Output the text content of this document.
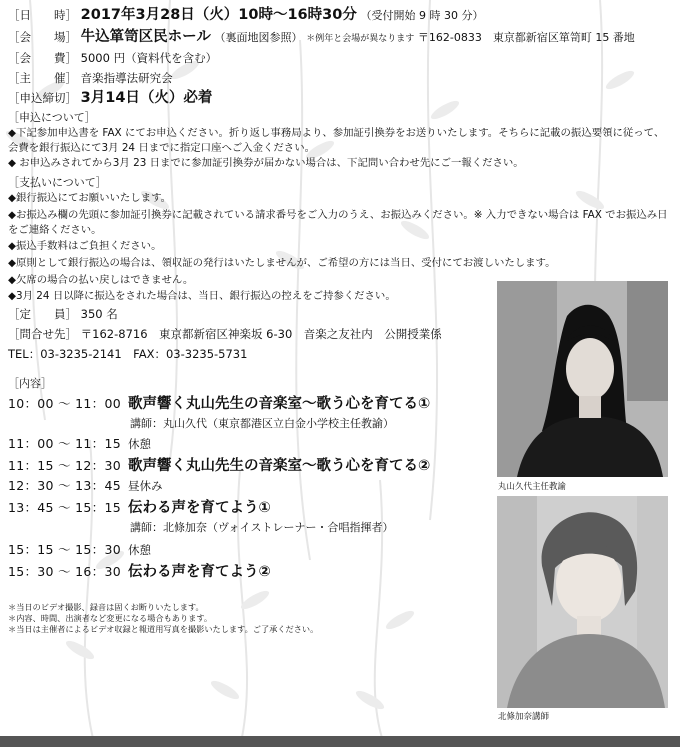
［日　　時］ 2017年3月28日（火）10時〜16時30分 （受付開始 9 時 30 分）
［会　　場］ 牛込箪笥区民ホール （裏面地図参照） ＊例年と会場が異なります 〒162-0833　東京都新宿区箪笥町 15 番地
［会　　費］ 5000 円（資料代を含む）
［主　　催］ 音楽指導法研究会
［申込締切］ 3月14日（火）必着
［申込について］
◆下記参加申込書を FAX にてお申込ください。折り返し事務局より、参加証引換券をお送りいたします。そちらに記載の振込要領に従って、会費を銀行振込にて3月 24 日までに指定口座へご入金ください。
◆ お申込みされてから3月 23 日までに参加証引換券が届かない場合は、下記問い合わせ先にご一報ください。
［支払いについて］
◆銀行振込にてお願いいたします。
◆お振込み欄の先頭に参加証引換券に記載されている請求番号をご入力のうえ、お振込みください。※ 入力できない場合は FAX でお振込み日をご連絡ください。
◆振込手数料はご負担ください。
◆原則として銀行振込の場合は、領収証の発行はいたしませんが、ご希望の方には当日、受付にてお渡しいたします。
◆欠席の場合の払い戻しはできません。
◆3月 24 日以降に振込をされた場合は、当日、銀行振込の控えをご持参ください。
［定　　員］ 350 名
［問合せ先］ 〒162-8716　東京都新宿区神楽坂 6-30　音楽之友社内　公開授業係
TEL：03-3235-2141　FAX：03-3235-5731
［内容］
10：00 〜 11：00 歌声響く丸山先生の音楽室〜歌う心を育てる①
講師：丸山久代（東京都港区立白金小学校主任教諭）
11：00 〜 11：15 休憩
11：15 〜 12：30 歌声響く丸山先生の音楽室〜歌う心を育てる②
12：30 〜 13：45 昼休み
13：45 〜 15：15 伝わる声を育てよう①
講師：北條加奈（ヴォイストレーナー・合唱指揮者）
15：15 〜 15：30 休憩
15：30 〜 16：30 伝わる声を育てよう②
＊当日のビデオ撮影、録音は固くお断りいたします。
＊内容、時間、出演者など変更になる場合もあります。
＊当日は主催者によるビデオ収録と報道用写真を撮影いたします。ご了承ください。
丸山久代主任教諭
北條加奈講師
